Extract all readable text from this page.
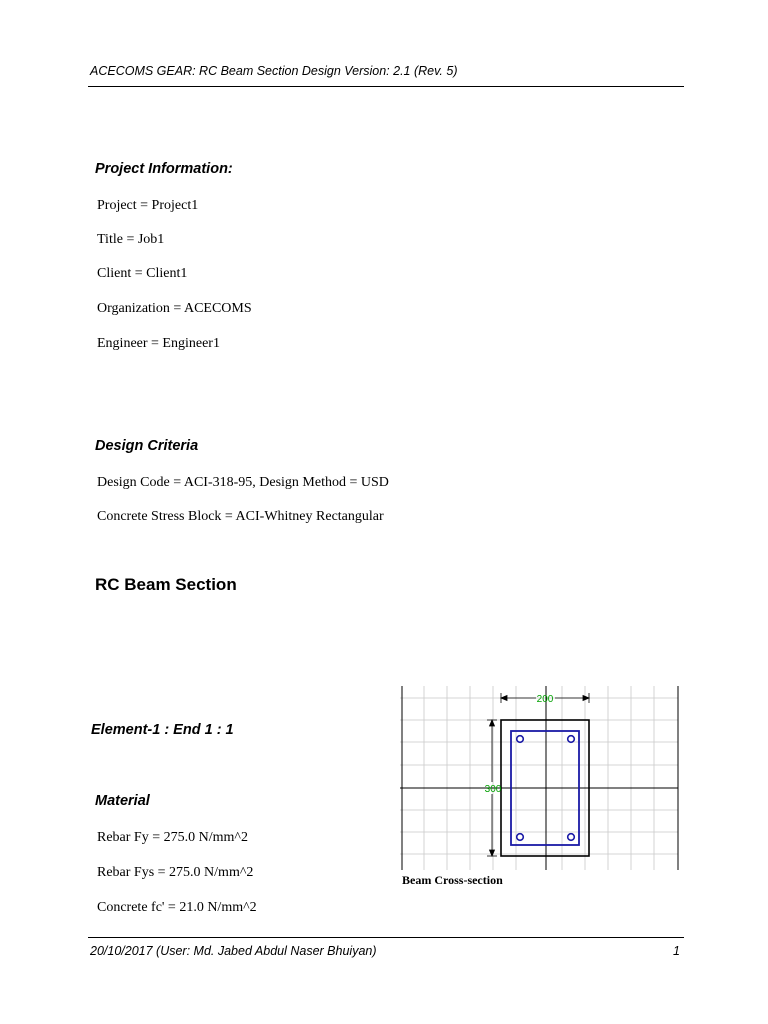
ACECOMS GEAR: RC Beam Section Design Version: 2.1 (Rev. 5)
Project Information:
Project = Project1
Title = Job1
Client = Client1
Organization = ACECOMS
Engineer = Engineer1
Design Criteria
Design Code = ACI-318-95, Design Method = USD
Concrete Stress Block = ACI-Whitney Rectangular
RC Beam Section
Element-1 : End 1 : 1
Material
Rebar Fy = 275.0 N/mm^2
Rebar Fys = 275.0 N/mm^2
Concrete fc' = 21.0 N/mm^2
200
300
Beam Cross-section
20/10/2017 (User: Md. Jabed Abdul Naser Bhuiyan)	1
